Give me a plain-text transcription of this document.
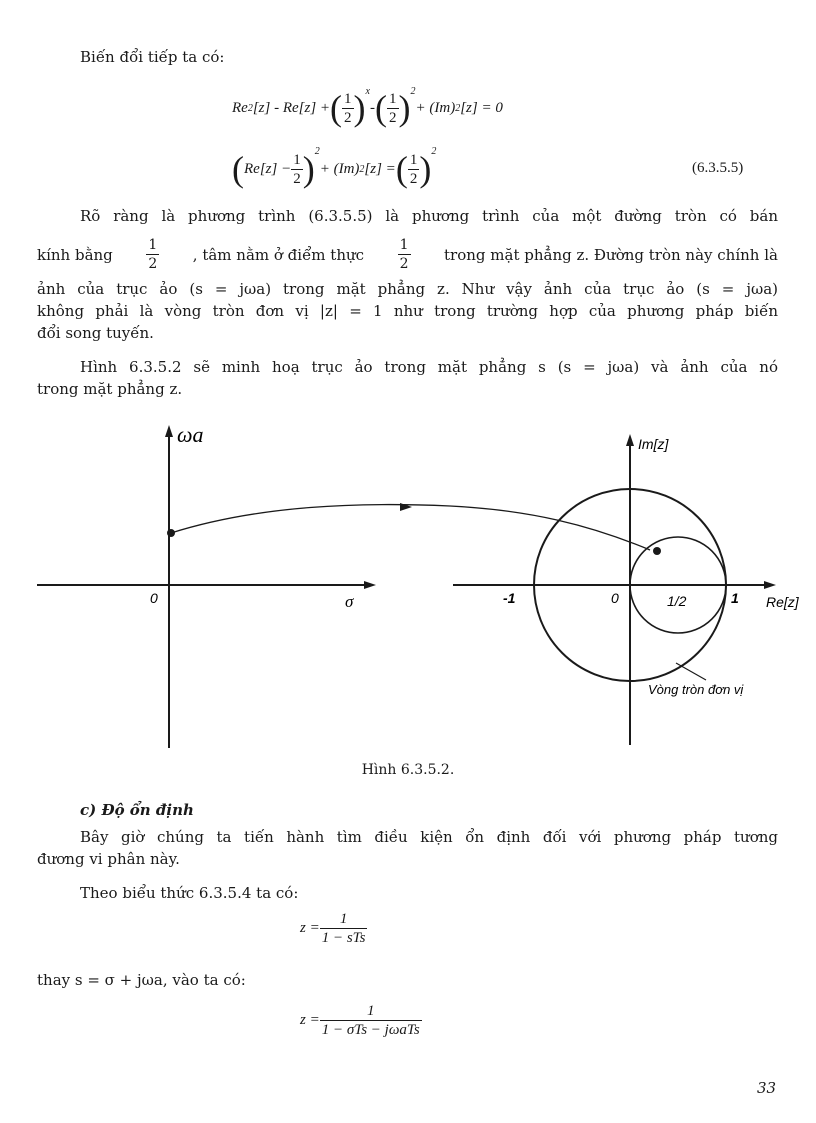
Biến đổi tiếp ta có:
Re 2 [z] - Re[z] + ( $\frac{1}{2} )^x$
- ( $\frac{1}{2} )^2$
+ (Im) 2 [z] = 0
( $Re[z] - \frac{1}{2} )^2$
+ (Im) 2 [z] = ( $\frac{1}{2} )^2$
(6.3.5.5)
Rõ ràng là phương trình (6.3.5.5) là phương trình của một đường tròn có bán
kính bằng $\frac{1}{2}$ , tâm nằm ở điểm thực $\frac{1}{2}$ trong mặt phẳng z. Đường tròn này chính là
ảnh của trục ảo (s = jωa) trong mặt phẳng z. Như vậy ảnh của trục ảo (s = jωa)
không phải là vòng tròn đơn vị |z| = 1 như trong trường hợp của phương pháp biến
đổi song tuyến.
Hình 6.3.5.2 sẽ minh hoạ trục ảo trong mặt phẳng s (s = jωa) và ảnh của nó
trong mặt phẳng z.
ωa
0	σ
Im[z]
Re[z]
-1	0	1/2	1
Vòng tròn đơn vị
Hình 6.3.5.2.
c) Độ ổn định
Bây giờ chúng ta tiến hành tìm điều kiện ổn định đối với phương pháp tương
đương vi phân này.
Theo biểu thức 6.3.5.4 ta có:
$z = \frac{1}{\text{1 − sTs}}$
thay s = σ + jωa, vào ta có:
$z = \frac{1}{\text{1 − σTs − jωaTs}}$
33
